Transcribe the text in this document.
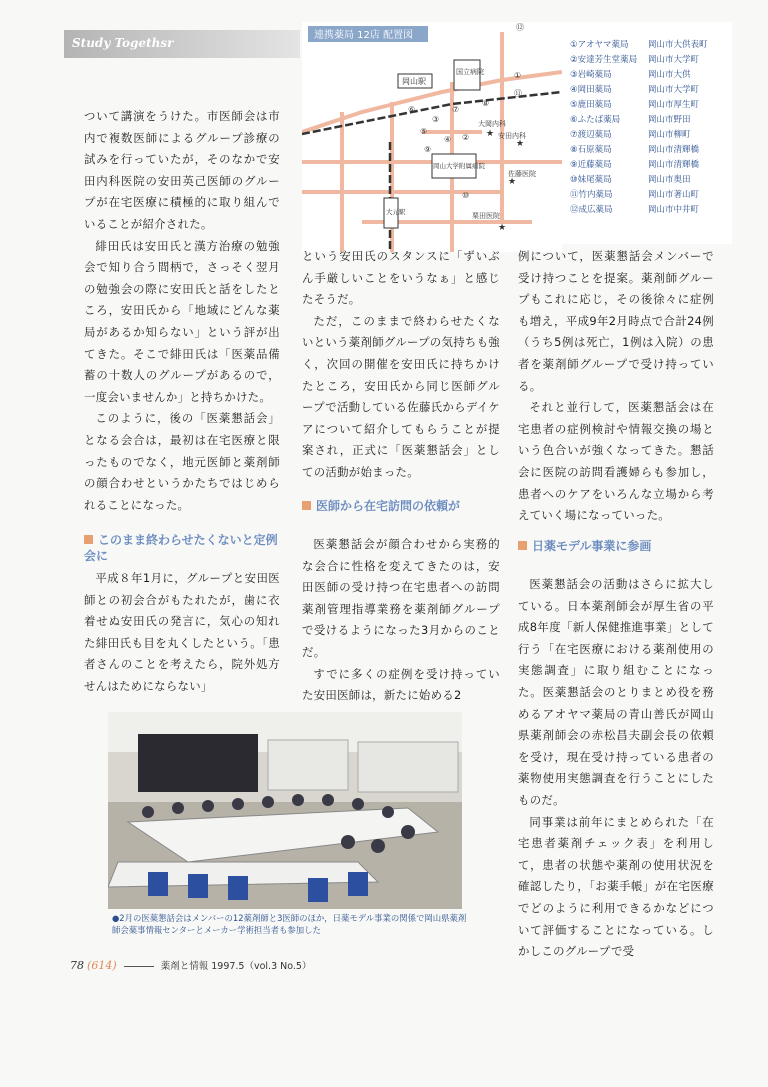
Study Togethsr
連携薬局 12店 配置図
国立病院
岡山大学附属病院
岡山駅
大元駅
大岡内科
安田内科
佐藤医院
栗田医院
①
②
③
④
⑤
⑥	⑦
⑧
⑨
⑩
⑪
⑫
★
★
★
★
①アオヤマ薬局 岡山市大供表町
②安達芳生堂薬局 岡山市大学町
③岩崎薬局	岡山市大供
④岡田薬局	岡山市大学町
⑤鹿田薬局	岡山市厚生町
⑥ふたば薬局	岡山市野田
⑦渡辺薬局	岡山市柳町
⑧石原薬局	岡山市清輝橋
⑨近藤薬局	岡山市清輝橋
⑩妹尾薬局	岡山市奥田
⑪竹内薬局	岡山市著山町
⑫成広薬局	岡山市中井町

ついて講演をうけた。市医師会は市内で複数医師によるグループ診療の試みを行っていたが，そのなかで安田内科医院の安田英己医師のグループが在宅医療に積極的に取り組んでいることが紹介された。

緋田氏は安田氏と漢方治療の勉強会で知り合う間柄で，さっそく翌月の勉強会の際に安田氏と話をしたところ，安田氏から「地域にどんな薬局があるか知らない」という評が出てきた。そこで緋田氏は「医薬品備蓄の十数人のグループがあるので，一度会いませんか」と持ちかけた。

このように，後の「医薬懇話会」となる会合は，最初は在宅医療と限ったものでなく，地元医師と薬剤師の顔合わせというかたちではじめられることになった。

このまま終わらせたくないと定例会に

平成８年1月に，グループと安田医師との初会合がもたれたが，歯に衣着せぬ安田氏の発言に，気心の知れた緋田氏も目を丸くしたという。「患者さんのことを考えたら，院外処方せんはためにならない」

という安田氏のスタンスに「ずいぶん手厳しいことをいうなぁ」と感じたそうだ。

ただ，このままで終わらせたくないという薬剤師グループの気持ちも強く，次回の開催を安田氏に持ちかけたところ，安田氏から同じ医師グループで活動している佐藤氏からデイケアについて紹介してもらうことが提案され，正式に「医薬懇話会」としての活動が始まった。

医師から在宅訪問の依頼が

医薬懇話会が顔合わせから実務的な会合に性格を変えてきたのは，安田医師の受け持つ在宅患者への訪問薬剤管理指導業務を薬剤師グループで受けるようになった3月からのことだ。

すでに多くの症例を受け持っていた安田医師は，新たに始める2

例について，医薬懇話会メンバーで受け持つことを提案。薬剤師グループもこれに応じ，その後徐々に症例も増え，平成9年2月時点で合計24例（うち5例は死亡，1例は入院）の患者を薬剤師グループで受け持っている。

それと並行して，医薬懇話会は在宅患者の症例検討や情報交換の場という色合いが強くなってきた。懇話会に医院の訪問看護婦らも参加し，患者へのケアをいろんな立場から考えていく場になっていった。

日薬モデル事業に参画

医薬懇話会の活動はさらに拡大している。日本薬剤師会が厚生省の平成8年度「新人保健推進事業」として行う「在宅医療における薬剤使用の実態調査」に取り組むことになった。医薬懇話会のとりまとめ役を務めるアオヤマ薬局の青山善氏が岡山県薬剤師会の赤松昌夫副会長の依頼を受け，現在受け持っている患者の薬物使用実態調査を行うことにしたものだ。

同事業は前年にまとめられた「在宅患者薬剤チェック表」を利用して，患者の状態や薬剤の使用状況を確認したり，「お薬手帳」が在宅医療でどのように利用できるかなどについて評価することになっている。しかしこのグループで受

●2月の医薬懇話会はメンバーの12薬剤師と3医師のほか，日薬モデル事業の関係で岡山県薬剤師会薬事情報センターとメーカー学術担当者も参加した
78 (614)	薬剤と情報 1997.5（vol.3 No.5）
